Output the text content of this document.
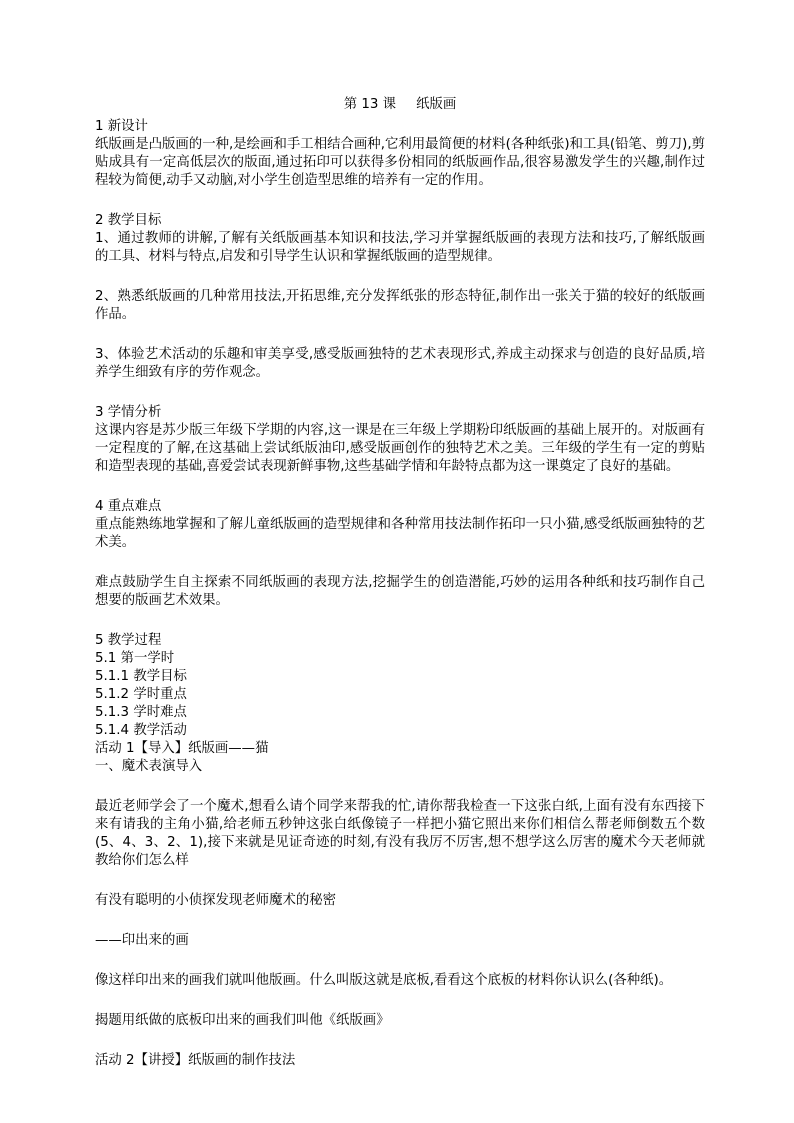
第 13 课 纸版画

1 新设计

纸版画是凸版画的一种,是绘画和手工相结合画种,它利用最简便的材料(各种纸张)和工具(铅笔、剪刀),剪贴成具有一定高低层次的版面,通过拓印可以获得多份相同的纸版画作品,很容易激发学生的兴趣,制作过程较为简便,动手又动脑,对小学生创造型思维的培养有一定的作用。

2 教学目标

1、通过教师的讲解,了解有关纸版画基本知识和技法,学习并掌握纸版画的表现方法和技巧,了解纸版画的工具、材料与特点,启发和引导学生认识和掌握纸版画的造型规律。

2、熟悉纸版画的几种常用技法,开拓思维,充分发挥纸张的形态特征,制作出一张关于猫的较好的纸版画作品。

3、体验艺术活动的乐趣和审美享受,感受版画独特的艺术表现形式,养成主动探求与创造的良好品质,培养学生细致有序的劳作观念。

3 学情分析

这课内容是苏少版三年级下学期的内容,这一课是在三年级上学期粉印纸版画的基础上展开的。对版画有一定程度的了解,在这基础上尝试纸版油印,感受版画创作的独特艺术之美。三年级的学生有一定的剪贴和造型表现的基础,喜爱尝试表现新鲜事物,这些基础学情和年龄特点都为这一课奠定了良好的基础。

4 重点难点

重点能熟练地掌握和了解儿童纸版画的造型规律和各种常用技法制作拓印一只小猫,感受纸版画独特的艺术美。

难点鼓励学生自主探索不同纸版画的表现方法,挖掘学生的创造潜能,巧妙的运用各种纸和技巧制作自己想要的版画艺术效果。

5 教学过程

5.1 第一学时

5.1.1 教学目标

5.1.2 学时重点

5.1.3 学时难点

5.1.4 教学活动

活动 1【导入】纸版画——猫

一、魔术表演导入

最近老师学会了一个魔术,想看么请个同学来帮我的忙,请你帮我检查一下这张白纸,上面有没有东西接下来有请我的主角小猫,给老师五秒钟这张白纸像镜子一样把小猫它照出来你们相信么帮老师倒数五个数(5、4、3、2、1),接下来就是见证奇迹的时刻,有没有我厉不厉害,想不想学这么厉害的魔术今天老师就教给你们怎么样

有没有聪明的小侦探发现老师魔术的秘密

——印出来的画

像这样印出来的画我们就叫他版画。什么叫版这就是底板,看看这个底板的材料你认识么(各种纸)。

揭题用纸做的底板印出来的画我们叫他《纸版画》

活动 2【讲授】纸版画的制作技法
